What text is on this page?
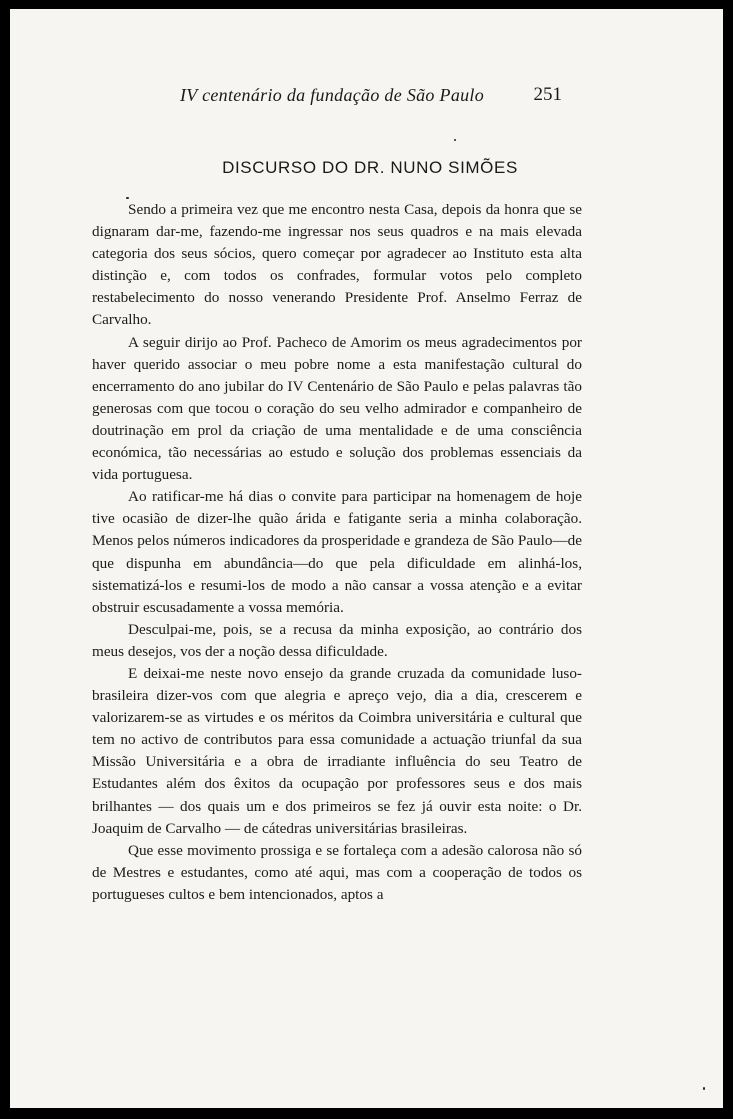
IV centenário da fundação de São Paulo	251
DISCURSO DO DR. NUNO SIMÕES

Sendo a primeira vez que me encontro nesta Casa, depois da honra que se dignaram dar-me, fazendo-me ingressar nos seus quadros e na mais elevada categoria dos seus sócios, quero começar por agradecer ao Instituto esta alta distinção e, com todos os confrades, formular votos pelo completo restabelecimento do nosso venerando Presidente Prof. Anselmo Ferraz de Carvalho.

A seguir dirijo ao Prof. Pacheco de Amorim os meus agradecimentos por haver querido associar o meu pobre nome a esta manifestação cultural do encerramento do ano jubilar do IV Centenário de São Paulo e pelas palavras tão generosas com que tocou o coração do seu velho admirador e companheiro de doutrinação em prol da criação de uma mentalidade e de uma consciência económica, tão necessárias ao estudo e solução dos problemas essenciais da vida portuguesa.

Ao ratificar-me há dias o convite para participar na homenagem de hoje tive ocasião de dizer-lhe quão árida e fatigante seria a minha colaboração. Menos pelos números indicadores da prosperidade e grandeza de São Paulo—de que dispunha em abundância—do que pela dificuldade em alinhá-los, sistematizá-los e resumi-los de modo a não cansar a vossa atenção e a evitar obstruir escusadamente a vossa memória.

Desculpai-me, pois, se a recusa da minha exposição, ao contrário dos meus desejos, vos der a noção dessa dificuldade.

E deixai-me neste novo ensejo da grande cruzada da comunidade luso-brasileira dizer-vos com que alegria e apreço vejo, dia a dia, crescerem e valorizarem-se as virtudes e os méritos da Coimbra universitária e cultural que tem no activo de contributos para essa comunidade a actuação triunfal da sua Missão Universitária e a obra de irradiante influência do seu Teatro de Estudantes além dos êxitos da ocupação por professores seus e dos mais brilhantes — dos quais um e dos primeiros se fez já ouvir esta noite: o Dr. Joaquim de Carvalho — de cátedras universitárias brasileiras.

Que esse movimento prossiga e se fortaleça com a adesão calorosa não só de Mestres e estudantes, como até aqui, mas com a cooperação de todos os portugueses cultos e bem intencionados, aptos a
